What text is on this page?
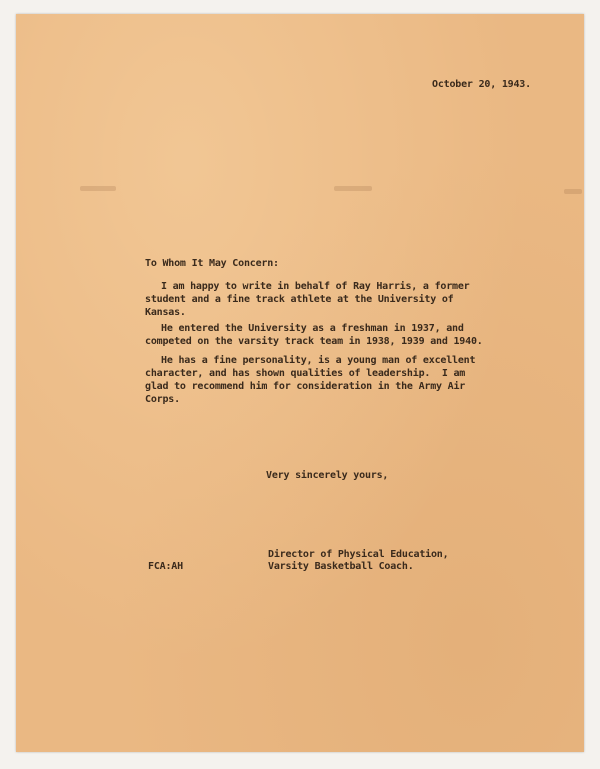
October 20, 1943.
To Whom It May Concern:
I am happy to write in behalf of Ray Harris, a former
student and a fine track athlete at the University of
Kansas.
He entered the University as a freshman in 1937, and
competed on the varsity track team in 1938, 1939 and 1940.
He has a fine personality, is a young man of excellent
character, and has shown qualities of leadership.  I am
glad to recommend him for consideration in the Army Air
Corps.
Very sincerely yours,
Director of Physical Education,
Varsity Basketball Coach.
FCA:AH
